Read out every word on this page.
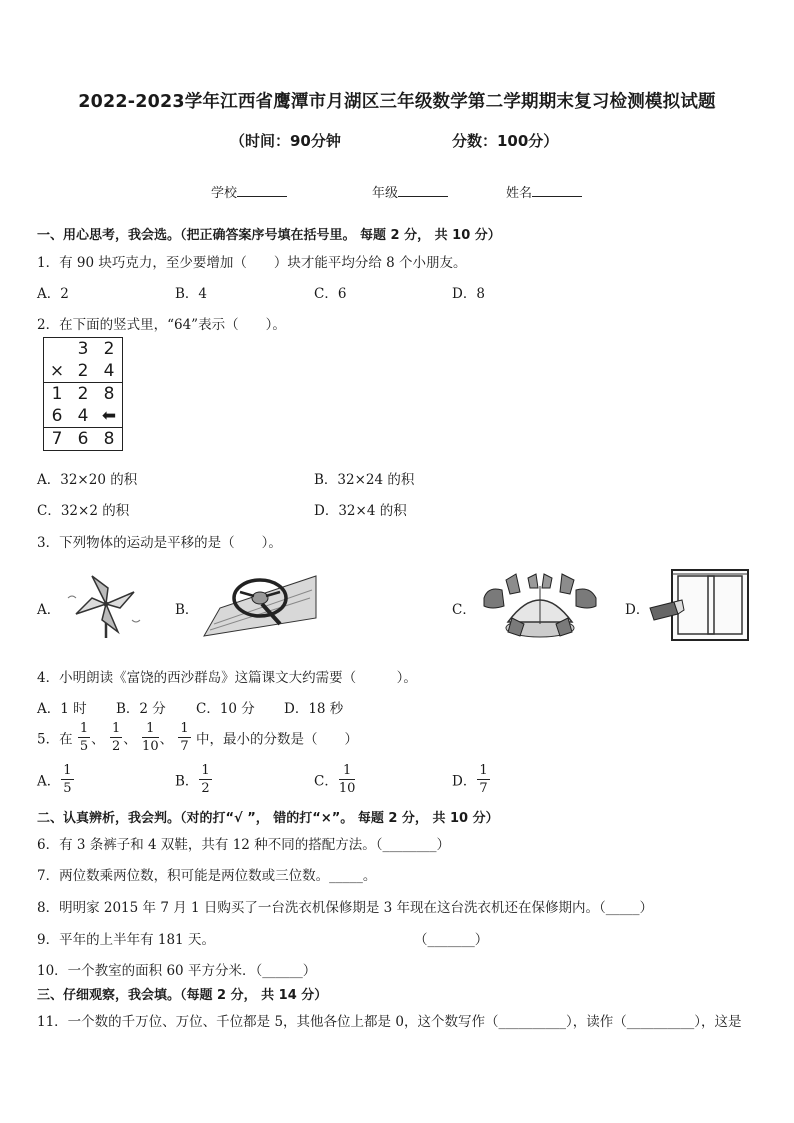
2022-2023学年江西省鹰潭市月湖区三年级数学第二学期期末复习检测模拟试题
（时间：90分钟	分数：100分）
学校	年级	姓名
一、用心思考，我会选。（把正确答案序号填在括号里。 每题 2 分， 共 10 分）
1．有 90 块巧克力，至少要增加（　　）块才能平均分给 8 个小朋友。
A．2	B．4	C．6	D．8
2．在下面的竖式里，“64”表示（　　）。
	3	2
×	2	4
1	2	8
6	4	⬅
7	6	8
A．32×20 的积	B．32×24 的积
C．32×2 的积	D．32×4 的积
3．下列物体的运动是平移的是（　　）。
A．	B．	C．	D．
4．小明朗读《富饶的西沙群岛》这篇课文大约需要（　　　）。
A．1 时 B．2 分 C．10 分 D．18 秒
5．在 $\frac{1}{5}$ 、 $\frac{1}{2}$ 、 $\frac{1}{10}$ 、 $\frac{1}{7}$ 中，最小的分数是（　　）
A． $\frac{1}{5}$	B． $\frac{1}{2}$	C． $\frac{1}{10}$	D． $\frac{1}{7}$
二、认真辨析，我会判。（对的打“√ ”， 错的打“×”。 每题 2 分， 共 10 分）
6．有 3 条裤子和 4 双鞋，共有 12 种不同的搭配方法。（________）
7．两位数乘两位数，积可能是两位数或三位数。_____。
8．明明家 2015 年 7 月 1 日购买了一台洗衣机保修期是 3 年现在这台洗衣机还在保修期内。（_____）
9．平年的上半年有 181 天。	（_______）
10．一个教室的面积 60 平方分米．（______）
三、仔细观察，我会填。（每题 2 分， 共 14 分）
11．一个数的千万位、万位、千位都是 5，其他各位上都是 0，这个数写作（__________），读作（__________），这是
